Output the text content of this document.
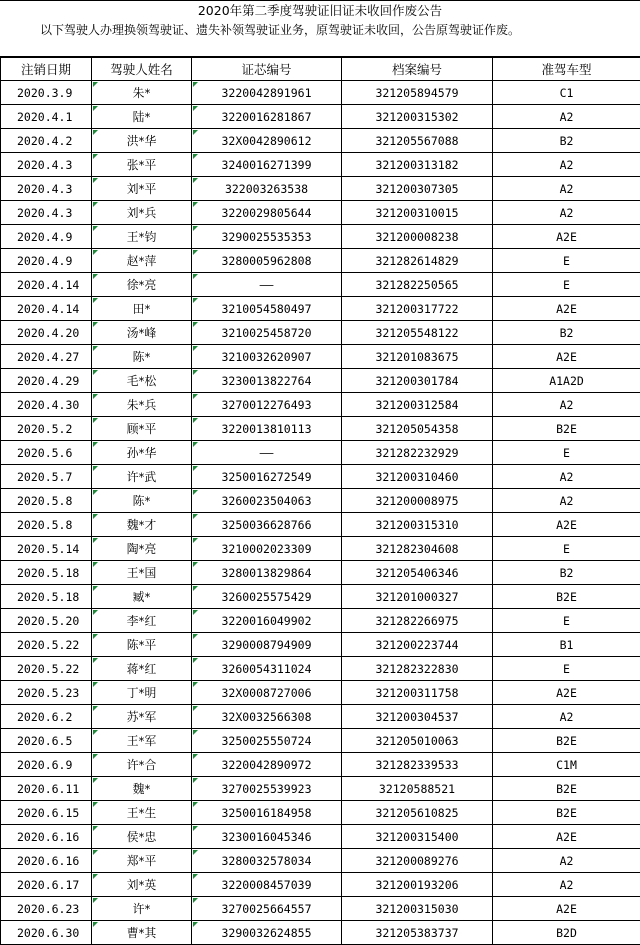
2020年第二季度驾驶证旧证未收回作废公告
以下驾驶人办理换领驾驶证、遗失补领驾驶证业务，原驾驶证未收回，公告原驾驶证作废。
注销日期	驾驶人姓名	证芯编号	档案编号	准驾车型
2020.3.9	朱*	3220042891961	321205894579	C1
2020.4.1	陆*	3220016281867	321200315302	A2
2020.4.2	洪*华	32X0042890612	321205567088	B2
2020.4.3	张*平	3240016271399	321200313182	A2
2020.4.3	刘*平	322003263538	321200307305	A2
2020.4.3	刘*兵	3220029805644	321200310015	A2
2020.4.9	王*钧	3290025535353	321200008238	A2E
2020.4.9	赵*萍	3280005962808	321282614829	E
2020.4.14	徐*亮	——	321282250565	E
2020.4.14	田*	3210054580497	321200317722	A2E
2020.4.20	汤*峰	3210025458720	321205548122	B2
2020.4.27	陈*	3210032620907	321201083675	A2E
2020.4.29	毛*松	3230013822764	321200301784	A1A2D
2020.4.30	朱*兵	3270012276493	321200312584	A2
2020.5.2	顾*平	3220013810113	321205054358	B2E
2020.5.6	孙*华	——	321282232929	E
2020.5.7	许*武	3250016272549	321200310460	A2
2020.5.8	陈*	3260023504063	321200008975	A2
2020.5.8	魏*才	3250036628766	321200315310	A2E
2020.5.14	陶*亮	3210002023309	321282304608	E
2020.5.18	王*国	3280013829864	321205406346	B2
2020.5.18	臧*	3260025575429	321201000327	B2E
2020.5.20	李*红	3220016049902	321282266975	E
2020.5.22	陈*平	3290008794909	321200223744	B1
2020.5.22	蒋*红	3260054311024	321282322830	E
2020.5.23	丁*明	32X0008727006	321200311758	A2E
2020.6.2	苏*军	32X0032566308	321200304537	A2
2020.6.5	王*军	3250025550724	321205010063	B2E
2020.6.9	许*合	3220042890972	321282339533	C1M
2020.6.11	魏*	3270025539923	32120588521	B2E
2020.6.15	王*生	3250016184958	321205610825	B2E
2020.6.16	侯*忠	3230016045346	321200315400	A2E
2020.6.16	郑*平	3280032578034	321200089276	A2
2020.6.17	刘*英	3220008457039	321200193206	A2
2020.6.23	许*	3270025664557	321200315030	A2E
2020.6.30	曹*其	3290032624855	321205383737	B2D
